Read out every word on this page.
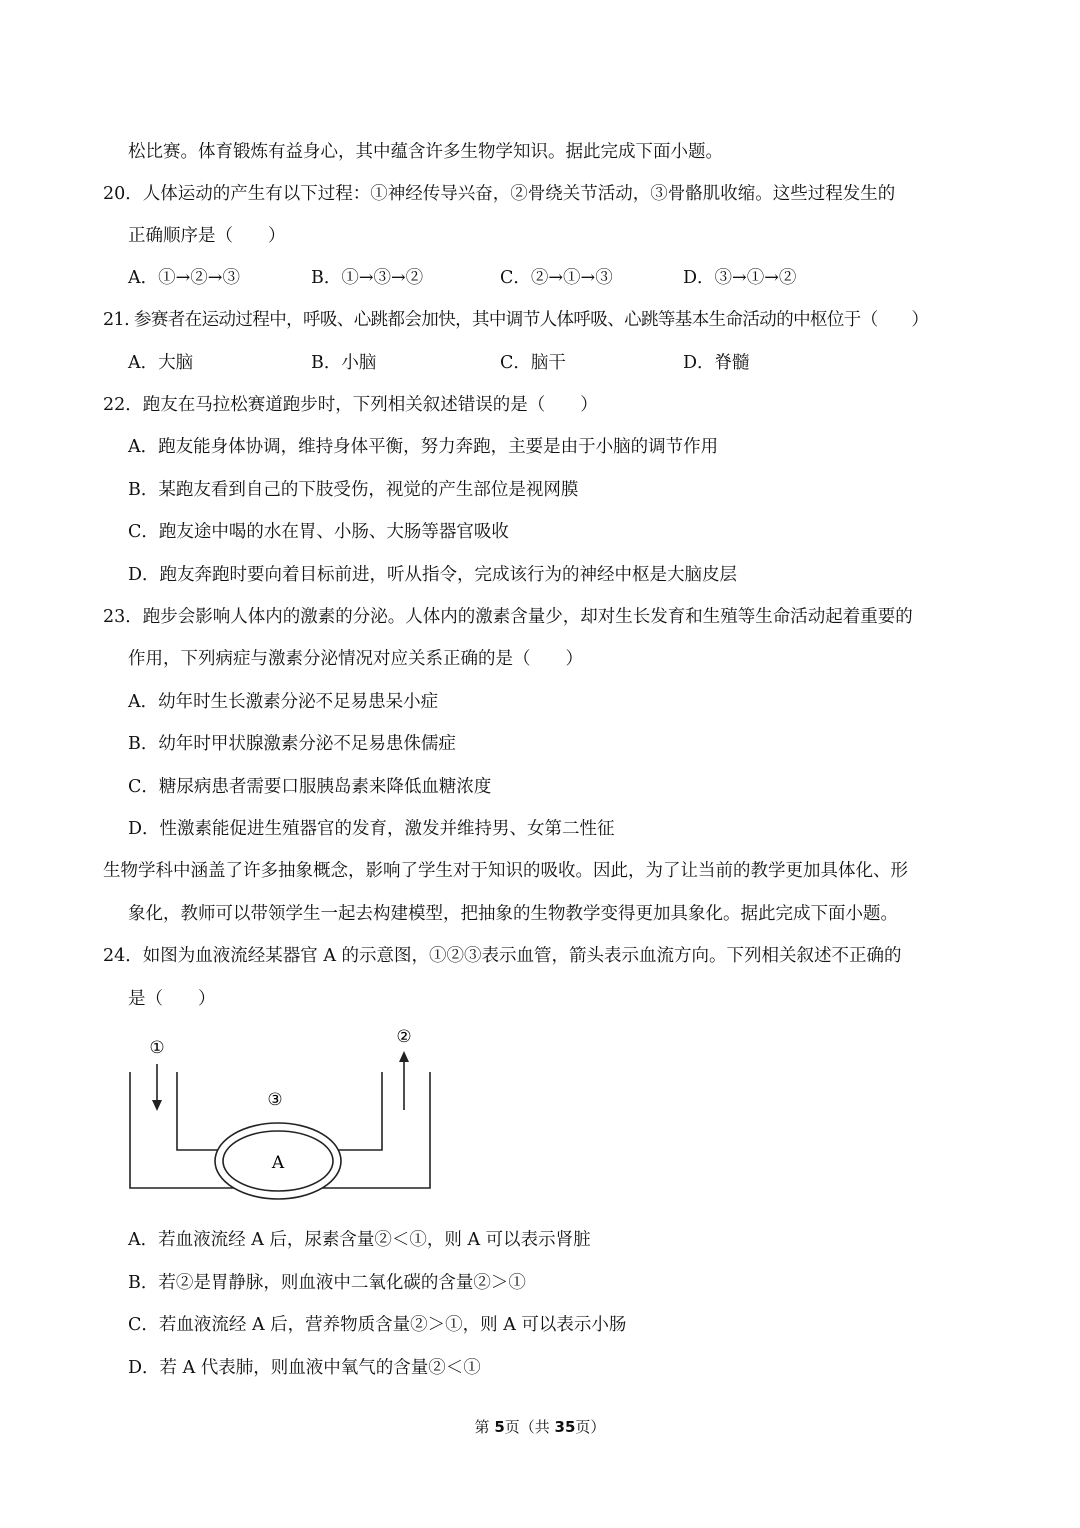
松比赛。体育锻炼有益身心，其中蕴含许多生物学知识。据此完成下面小题。
20．人体运动的产生有以下过程：①神经传导兴奋，②骨绕关节活动，③骨骼肌收缩。这些过程发生的
正确顺序是（　　）
A．①→②→③	B．①→③→②	C．②→①→③	D．③→①→②
21. 参赛者在运动过程中，呼吸、心跳都会加快，其中调节人体呼吸、心跳等基本生命活动的中枢位于（　　）
A．大脑	B．小脑	C．脑干	D．脊髓
22．跑友在马拉松赛道跑步时，下列相关叙述错误的是（　　）
A．跑友能身体协调，维持身体平衡，努力奔跑，主要是由于小脑的调节作用
B．某跑友看到自己的下肢受伤，视觉的产生部位是视网膜
C．跑友途中喝的水在胃、小肠、大肠等器官吸收
D．跑友奔跑时要向着目标前进，听从指令，完成该行为的神经中枢是大脑皮层
23．跑步会影响人体内的激素的分泌。人体内的激素含量少，却对生长发育和生殖等生命活动起着重要的
作用，下列病症与激素分泌情况对应关系正确的是（　　）
A．幼年时生长激素分泌不足易患呆小症
B．幼年时甲状腺激素分泌不足易患侏儒症
C．糖尿病患者需要口服胰岛素来降低血糖浓度
D．性激素能促进生殖器官的发育，激发并维持男、女第二性征
生物学科中涵盖了许多抽象概念，影响了学生对于知识的吸收。因此，为了让当前的教学更加具体化、形
象化，教师可以带领学生一起去构建模型，把抽象的生物教学变得更加具象化。据此完成下面小题。
24．如图为血液流经某器官 A 的示意图，①②③表示血管，箭头表示血流方向。下列相关叙述不正确的
是（　　）
A
①
③
②
A．若血液流经 A 后，尿素含量②＜①，则 A 可以表示肾脏
B．若②是胃静脉，则血液中二氧化碳的含量②＞①
C．若血液流经 A 后，营养物质含量②＞①，则 A 可以表示小肠
D．若 A 代表肺，则血液中氧气的含量②＜①
第 5页（共 35页）
